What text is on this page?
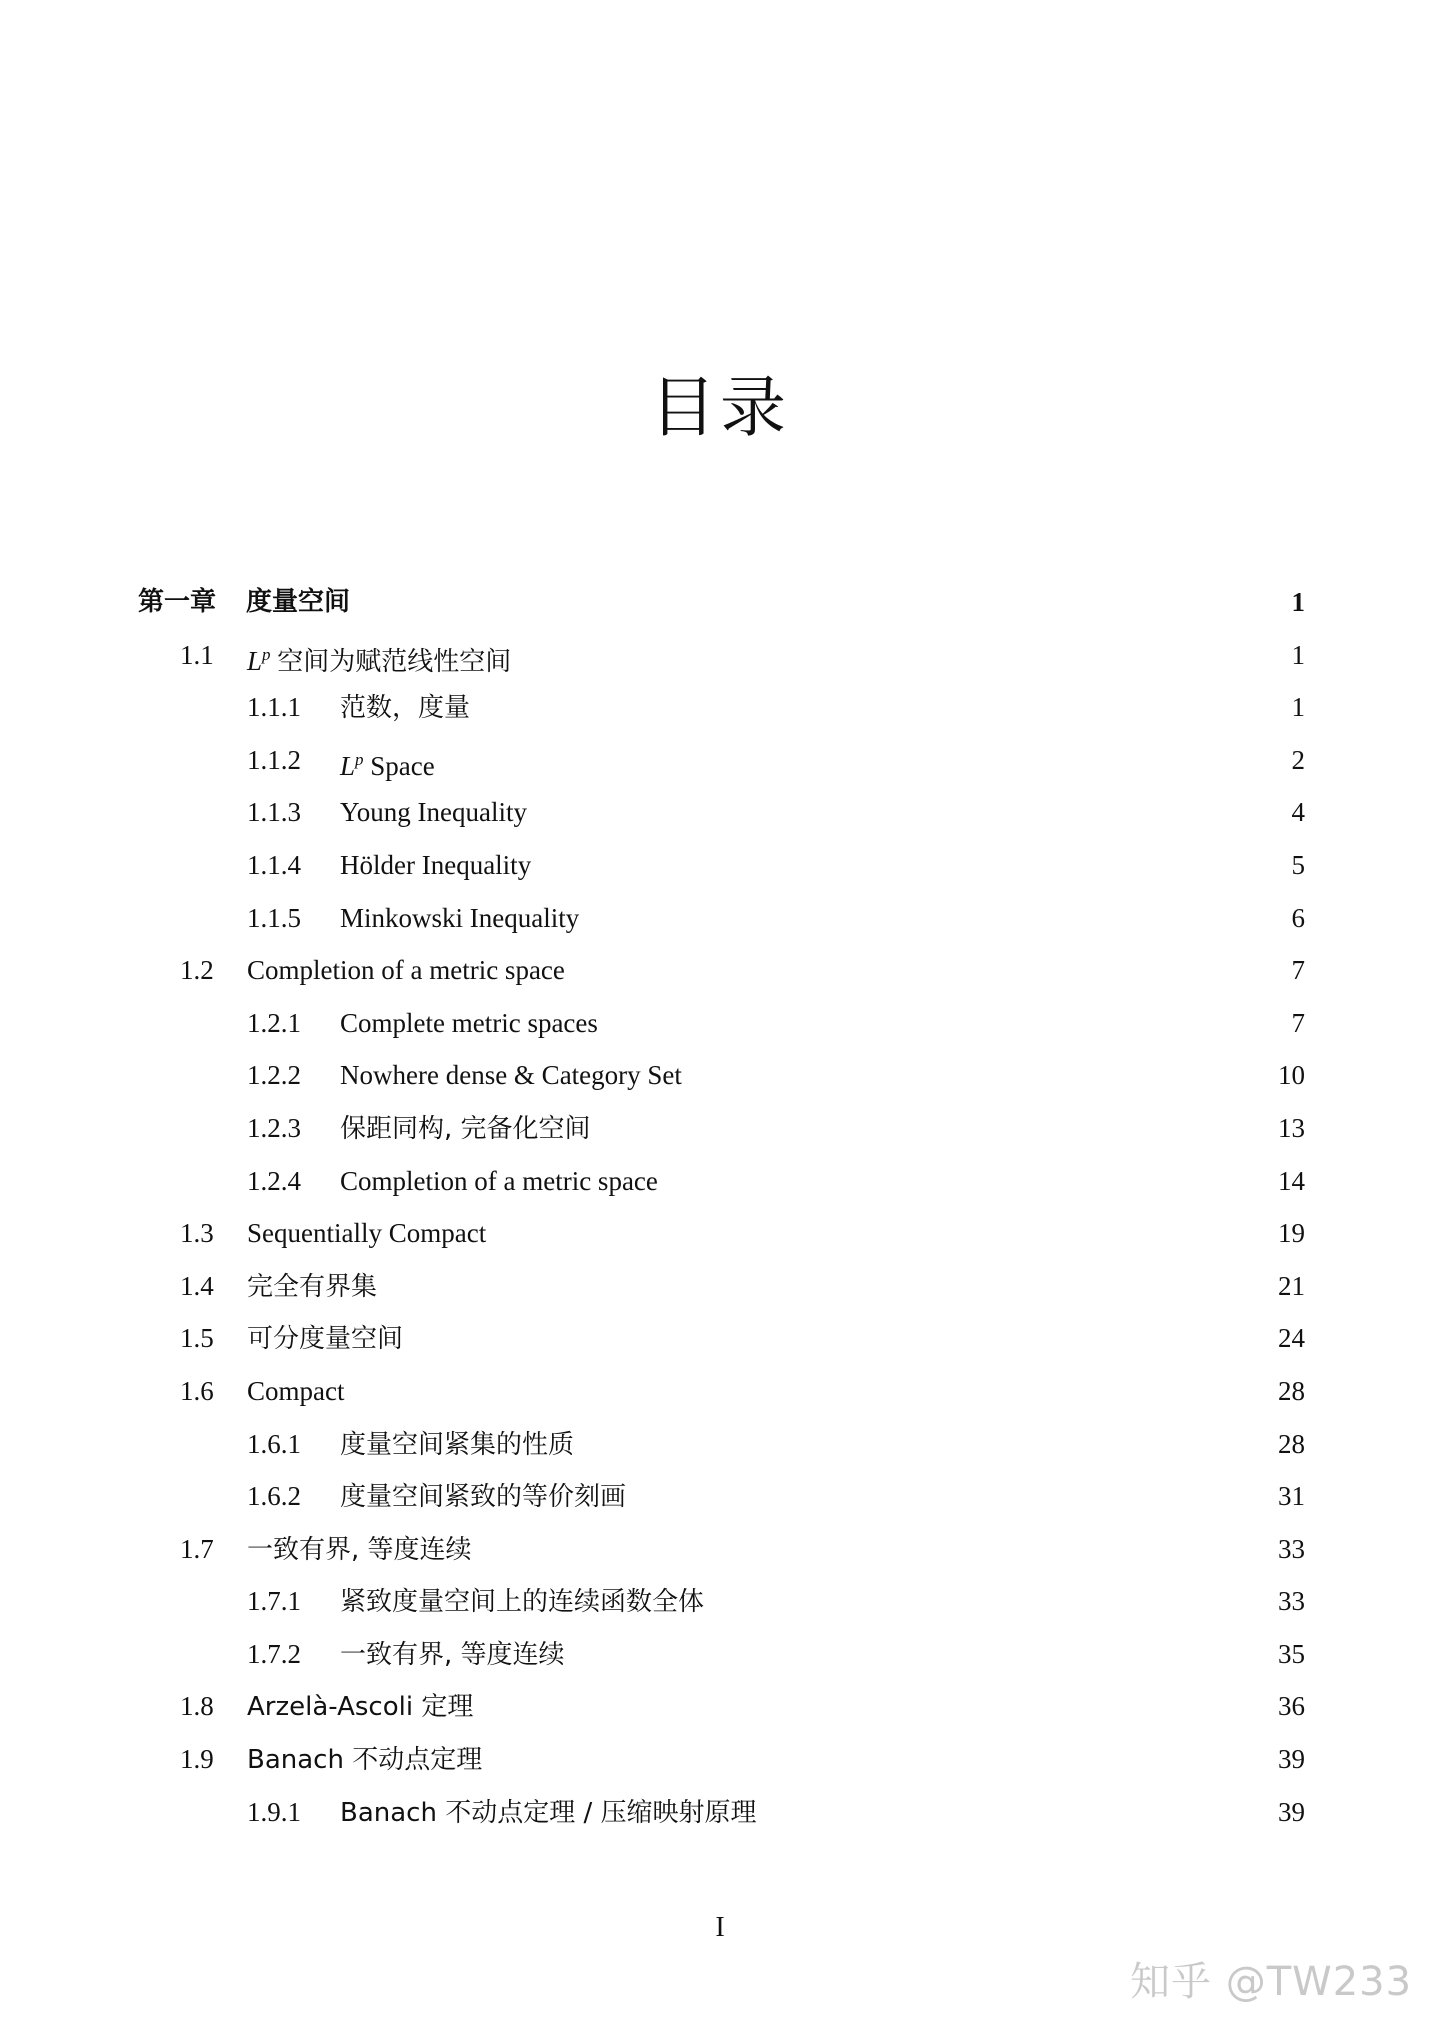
目录
第一章 度量空间	1
1.1 $L^p$ 空间为赋范线性空间	1
1.1.1 范数，度量	1
1.1.2 $L^p$ Space	2
1.1.3 Young Inequality	4
1.1.4 Hölder Inequality	5
1.1.5 Minkowski Inequality	6
1.2 Completion of a metric space	7
1.2.1 Complete metric spaces	7
1.2.2 Nowhere dense & Category Set	10
1.2.3 保距同构, 完备化空间	13
1.2.4 Completion of a metric space	14
1.3 Sequentially Compact	19
1.4 完全有界集	21
1.5 可分度量空间	24
1.6 Compact	28
1.6.1 度量空间紧集的性质	28
1.6.2 度量空间紧致的等价刻画	31
1.7 一致有界, 等度连续	33
1.7.1 紧致度量空间上的连续函数全体	33
1.7.2 一致有界, 等度连续	35
1.8 Arzelà-Ascoli 定理	36
1.9 Banach 不动点定理	39
1.9.1 Banach 不动点定理 / 压缩映射原理	39
I
知乎 @TW233
